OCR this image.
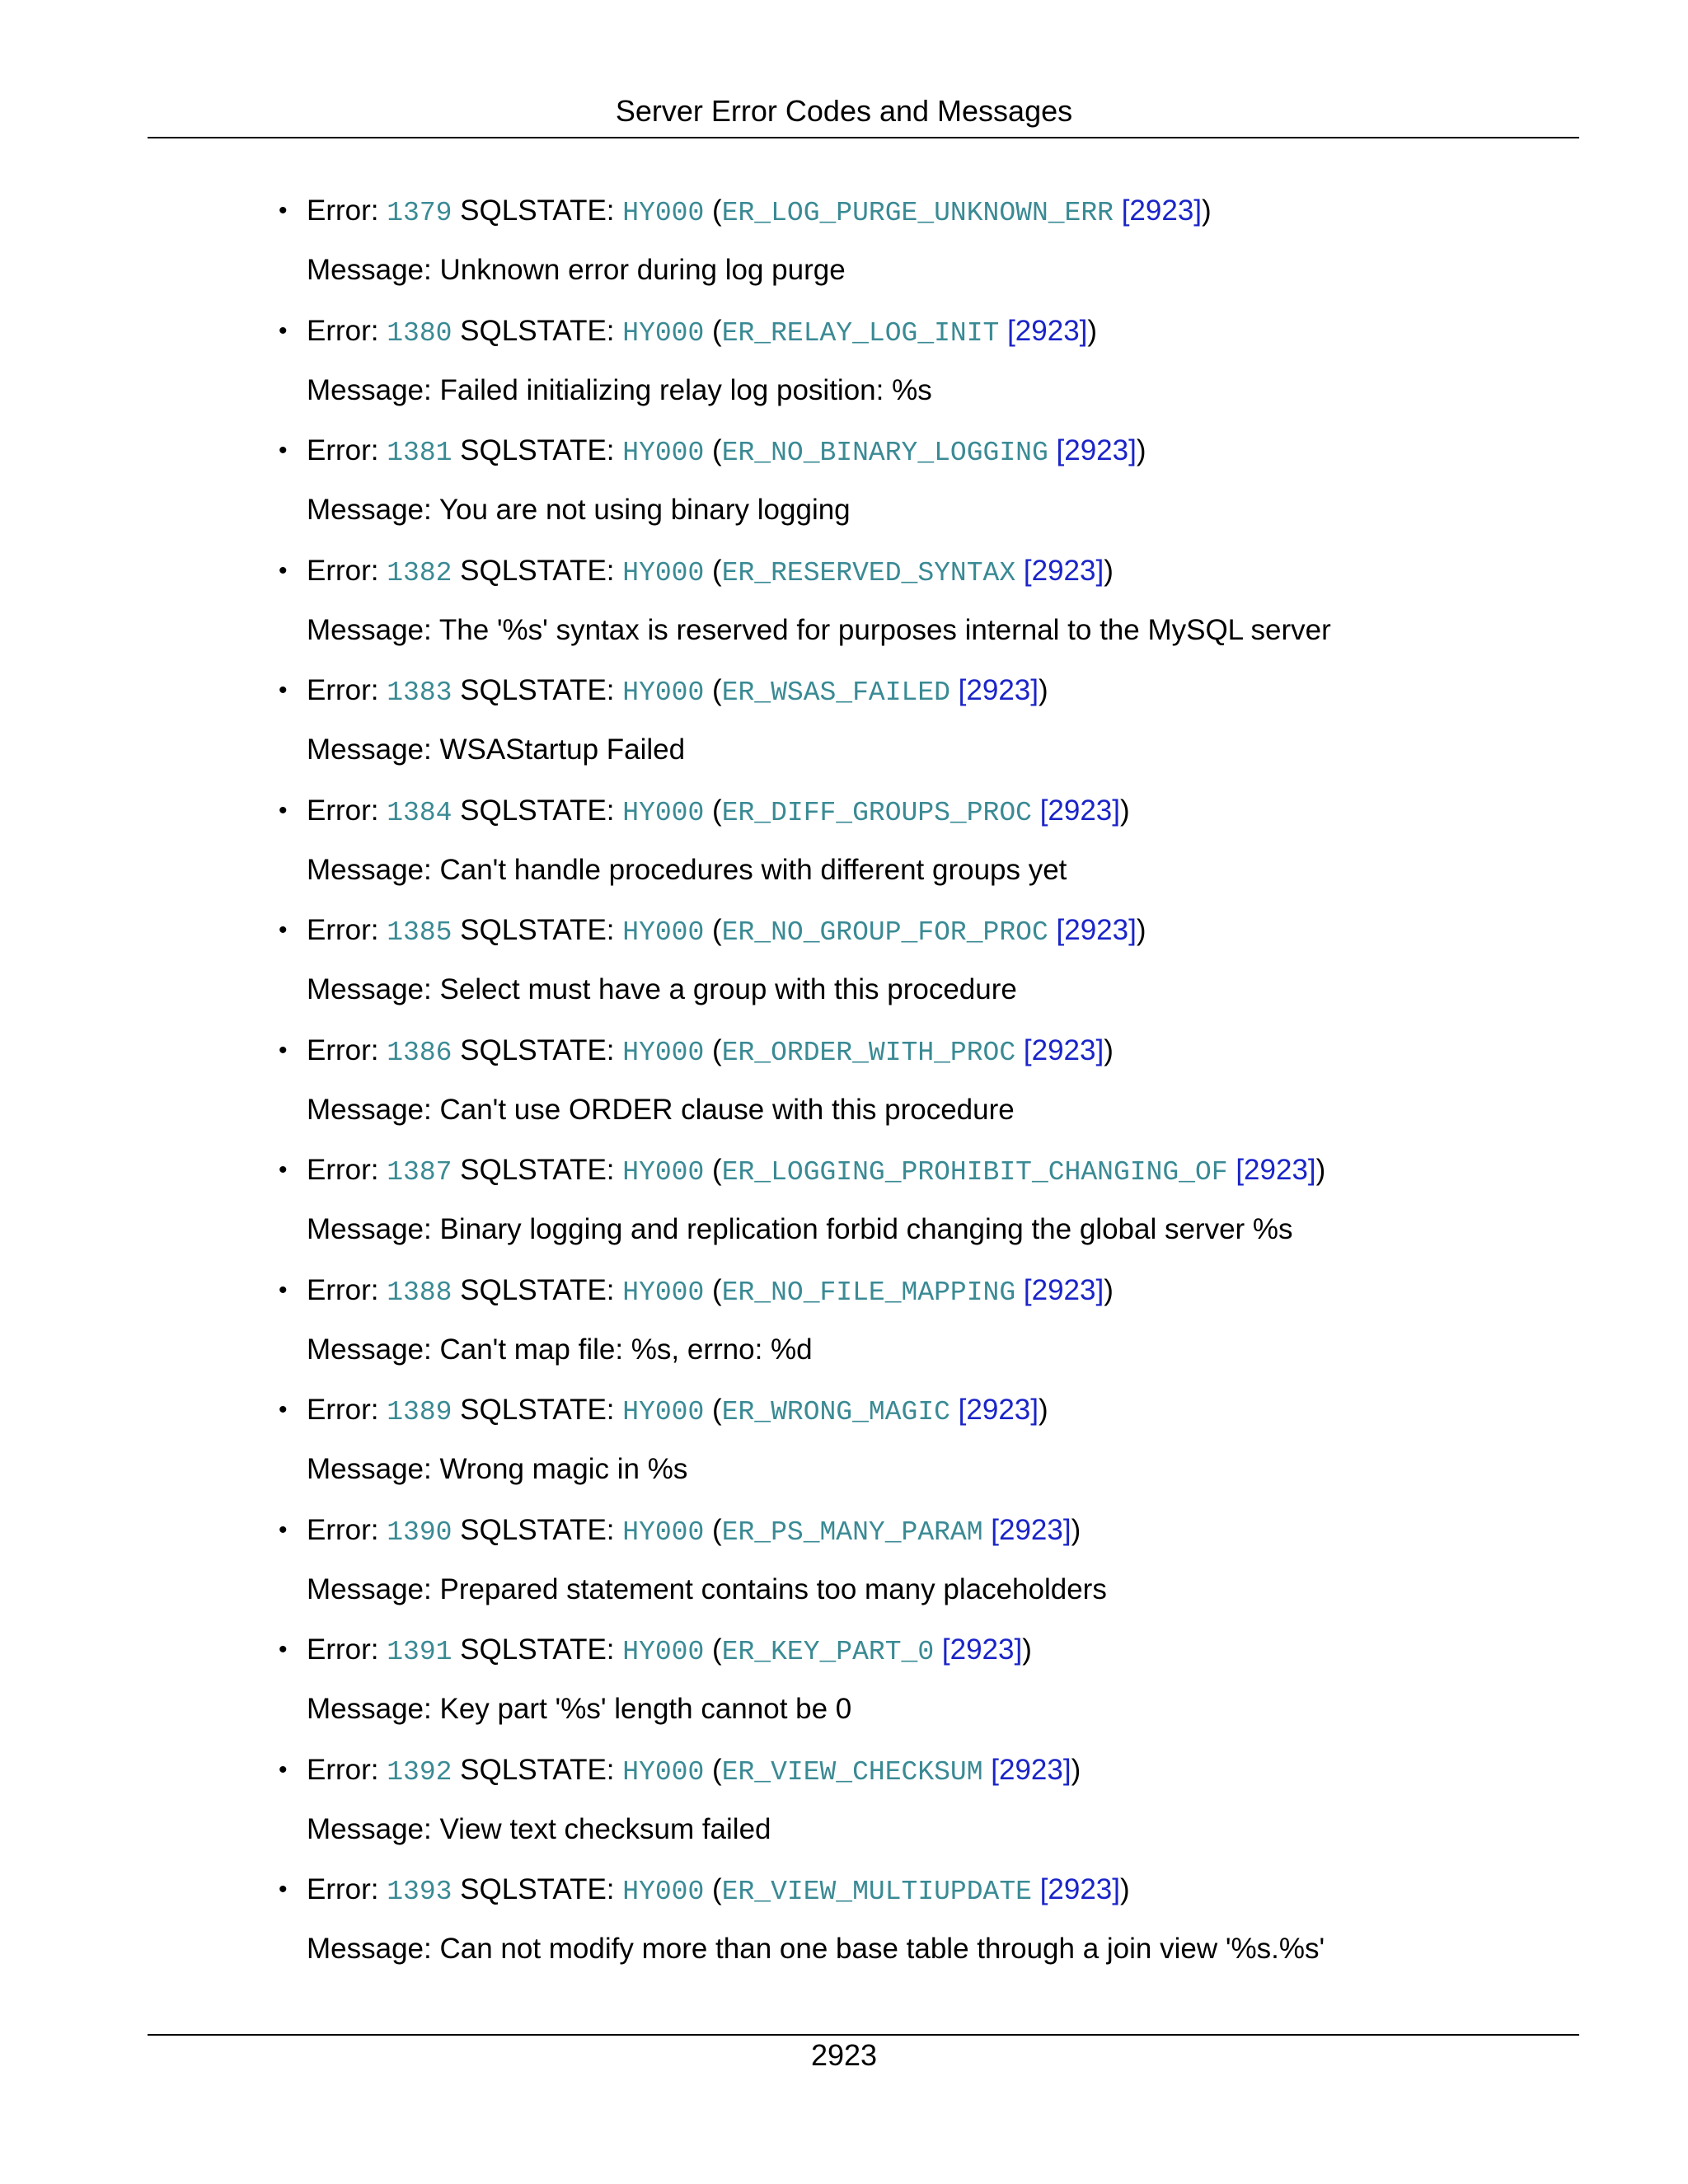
Server Error Codes and Messages
• Error: 1379 SQLSTATE: HY000 (ER_LOG_PURGE_UNKNOWN_ERR [2923])
Message: Unknown error during log purge
• Error: 1380 SQLSTATE: HY000 (ER_RELAY_LOG_INIT [2923])
Message: Failed initializing relay log position: %s
• Error: 1381 SQLSTATE: HY000 (ER_NO_BINARY_LOGGING [2923])
Message: You are not using binary logging
• Error: 1382 SQLSTATE: HY000 (ER_RESERVED_SYNTAX [2923])
Message: The '%s' syntax is reserved for purposes internal to the MySQL server
• Error: 1383 SQLSTATE: HY000 (ER_WSAS_FAILED [2923])
Message: WSAStartup Failed
• Error: 1384 SQLSTATE: HY000 (ER_DIFF_GROUPS_PROC [2923])
Message: Can't handle procedures with different groups yet
• Error: 1385 SQLSTATE: HY000 (ER_NO_GROUP_FOR_PROC [2923])
Message: Select must have a group with this procedure
• Error: 1386 SQLSTATE: HY000 (ER_ORDER_WITH_PROC [2923])
Message: Can't use ORDER clause with this procedure
• Error: 1387 SQLSTATE: HY000 (ER_LOGGING_PROHIBIT_CHANGING_OF [2923])
Message: Binary logging and replication forbid changing the global server %s
• Error: 1388 SQLSTATE: HY000 (ER_NO_FILE_MAPPING [2923])
Message: Can't map file: %s, errno: %d
• Error: 1389 SQLSTATE: HY000 (ER_WRONG_MAGIC [2923])
Message: Wrong magic in %s
• Error: 1390 SQLSTATE: HY000 (ER_PS_MANY_PARAM [2923])
Message: Prepared statement contains too many placeholders
• Error: 1391 SQLSTATE: HY000 (ER_KEY_PART_0 [2923])
Message: Key part '%s' length cannot be 0
• Error: 1392 SQLSTATE: HY000 (ER_VIEW_CHECKSUM [2923])
Message: View text checksum failed
• Error: 1393 SQLSTATE: HY000 (ER_VIEW_MULTIUPDATE [2923])
Message: Can not modify more than one base table through a join view '%s.%s'
2923
